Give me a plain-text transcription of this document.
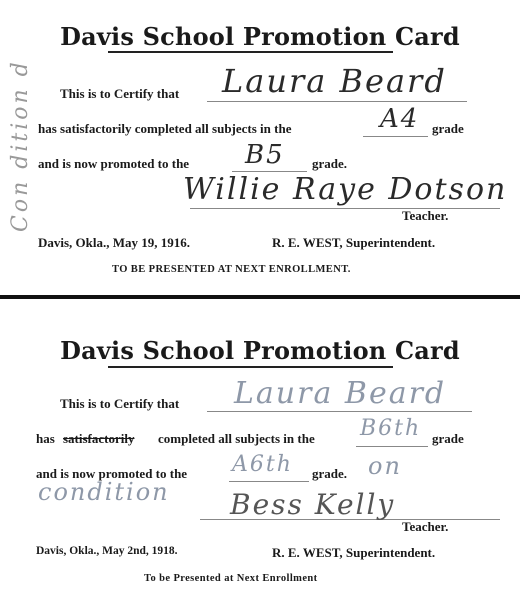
Con dition d
Davis School Promotion Card
This is to Certify that Laura Beard
has satisfactorily completed all subjects in the	A4 grade
and is now promoted to the B5 grade.
Willie Raye Dotson
Teacher.
Davis, Okla., May 19, 1916.	R. E. WEST, Superintendent.
TO BE PRESENTED AT NEXT ENROLLMENT.
Davis School Promotion Card
This is to Certify that Laura Beard
has satisfactorily completed all subjects in the B6th grade
and is now promoted to the A6th grade. on
condition Bess Kelly
Teacher.
Davis, Okla., May 2nd, 1918.	R. E. WEST, Superintendent.
To be Presented at Next Enrollment
